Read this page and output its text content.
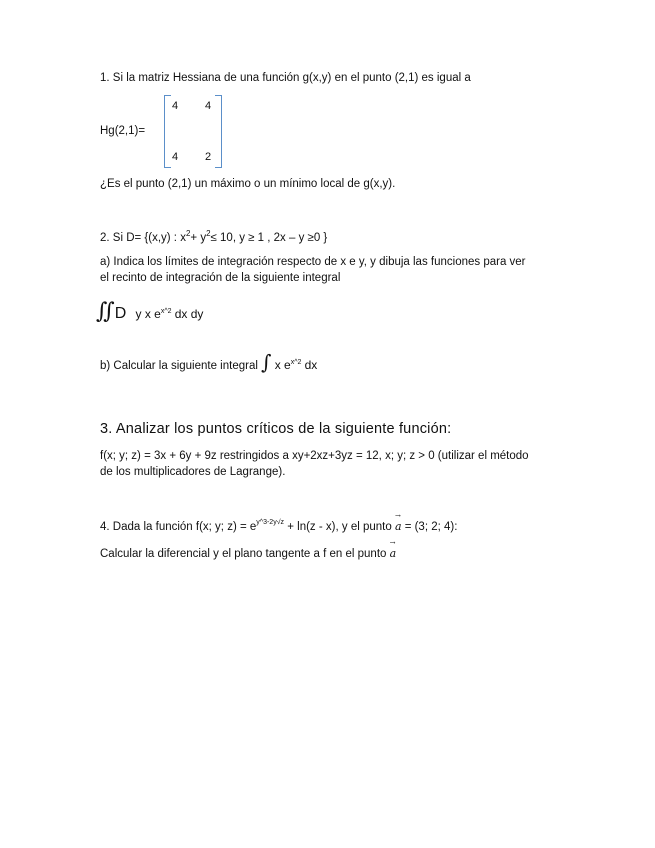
1. Si la matriz Hessiana de una función g(x,y) en el punto (2,1) es igual a
Hg(2,1)=
4 4
4 2
¿Es el punto (2,1) un máximo o un mínimo local de g(x,y).
2. Si D= {(x,y) : $x^2+ y^2\le 10$, y ≥ 1 , 2x – y ≥0 }
a) Indica los límites de integración respecto de x e y, y dibuja las funciones para ver
el recinto de integración de la siguiente integral
∬D y x $e^{x\^{}2}$ dx dy
b) Calcular la siguiente integral ∫ x $e^{x\^{}2}$ dx
3. Analizar los puntos críticos de la siguiente función:
f(x; y; z) = 3x + 6y + 9z restringidos a xy+2xz+3yz = 12, x; y; z > 0 (utilizar el método
de los multiplicadores de Lagrange).
4. Dada la función f(x; y; $z) = e^{y\^{}3-2y√z} + \ln(z - x)$, y el punto → a = (3; 2; 4):
Calcular la diferencial y el plano tangente a f en el punto → a
